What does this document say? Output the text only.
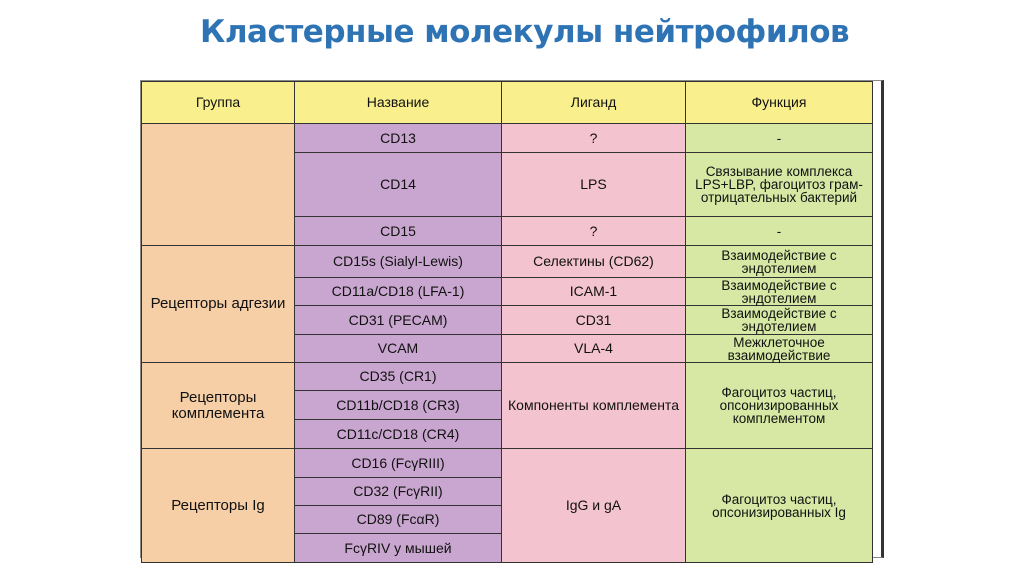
Кластерные молекулы нейтрофилов
Группа	Название	Лиганд	Функция
	CD13	?	-
	CD14	LPS	Связывание комплекса LPS+LBP, фагоцитоз грам-отрицательных бактерий
	CD15	?	-
Рецепторы адгезии	CD15s (Sialyl-Lewis)	Селектины (CD62)	Взаимодействие с эндотелием
	CD11a/CD18 (LFA-1)	ICAM-1	Взаимодействие с эндотелием
	CD31 (PECAM)	CD31	Взаимодействие с эндотелием
	VCAM	VLA-4	Межклеточное взаимодействие
Рецепторы комплемента	CD35 (CR1)	Компоненты комплемента	Фагоцитоз частиц, опсонизированных комплементом
	CD11b/CD18 (CR3)		
	CD11c/CD18 (CR4)		
Рецепторы Ig	CD16 (FcγRIII)	IgG и gA	Фагоцитоз частиц, опсонизированных Ig
	CD32 (FcγRII)		
	CD89 (FcαR)		
	FcγRIV у мышей		
